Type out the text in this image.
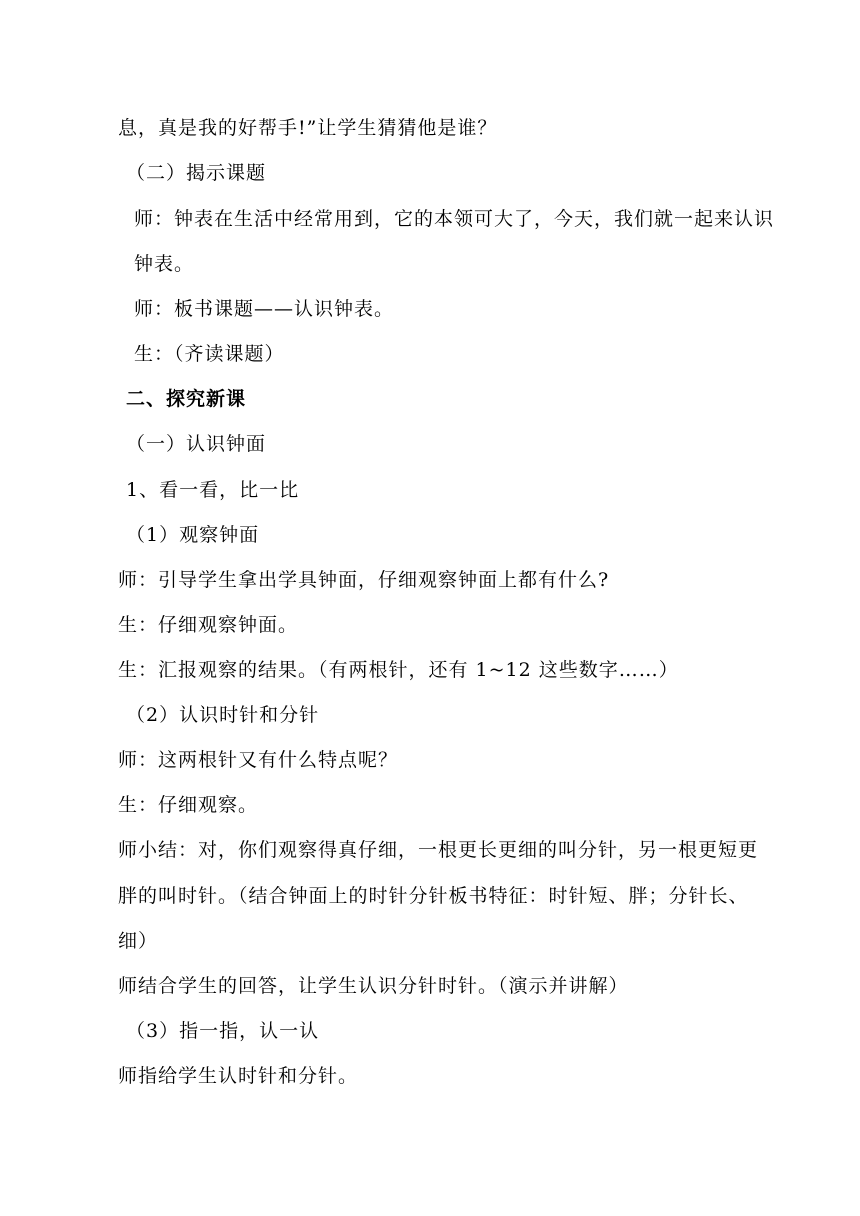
息，真是我的好帮手!”让学生猜猜他是谁？
（二）揭示课题
师：钟表在生活中经常用到，它的本领可大了，今天，我们就一起来认识
钟表。
师：板书课题——认识钟表。
生：（齐读课题）
二、探究新课
（一）认识钟面
1、看一看，比一比
（1）观察钟面
师：引导学生拿出学具钟面，仔细观察钟面上都有什么?
生：仔细观察钟面。
生：汇报观察的结果。（有两根针，还有 1~12 这些数字……）
（2）认识时针和分针
师：这两根针又有什么特点呢？
生：仔细观察。
师小结：对，你们观察得真仔细，一根更长更细的叫分针，另一根更短更
胖的叫时针。（结合钟面上的时针分针板书特征：时针短、胖；分针长、
细）
师结合学生的回答，让学生认识分针时针。（演示并讲解）
（3）指一指，认一认
师指给学生认时针和分针。
